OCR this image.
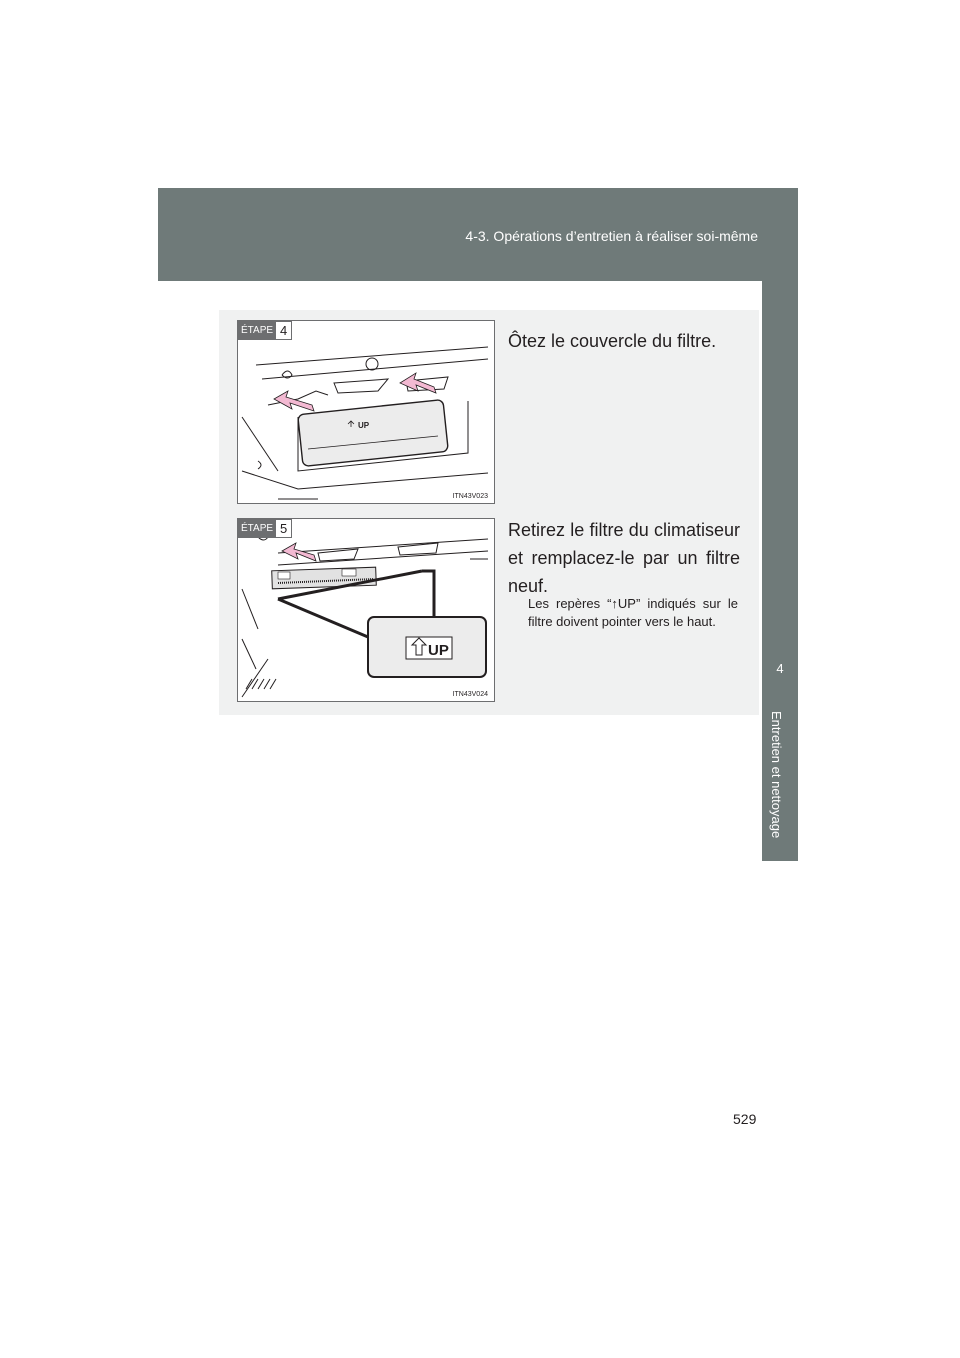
4-3. Opérations d’entretien à réaliser soi-même
4
Entretien et nettoyage
UP
ÉTAPE 4
ITN43V023
Ôtez le couvercle du filtre.
UP
ÉTAPE 5
ITN43V024
Retirez le filtre du climatiseur et remplacez-le par un filtre neuf.
Les repères “↑UP” indiqués sur le filtre doivent pointer vers le haut.
529
